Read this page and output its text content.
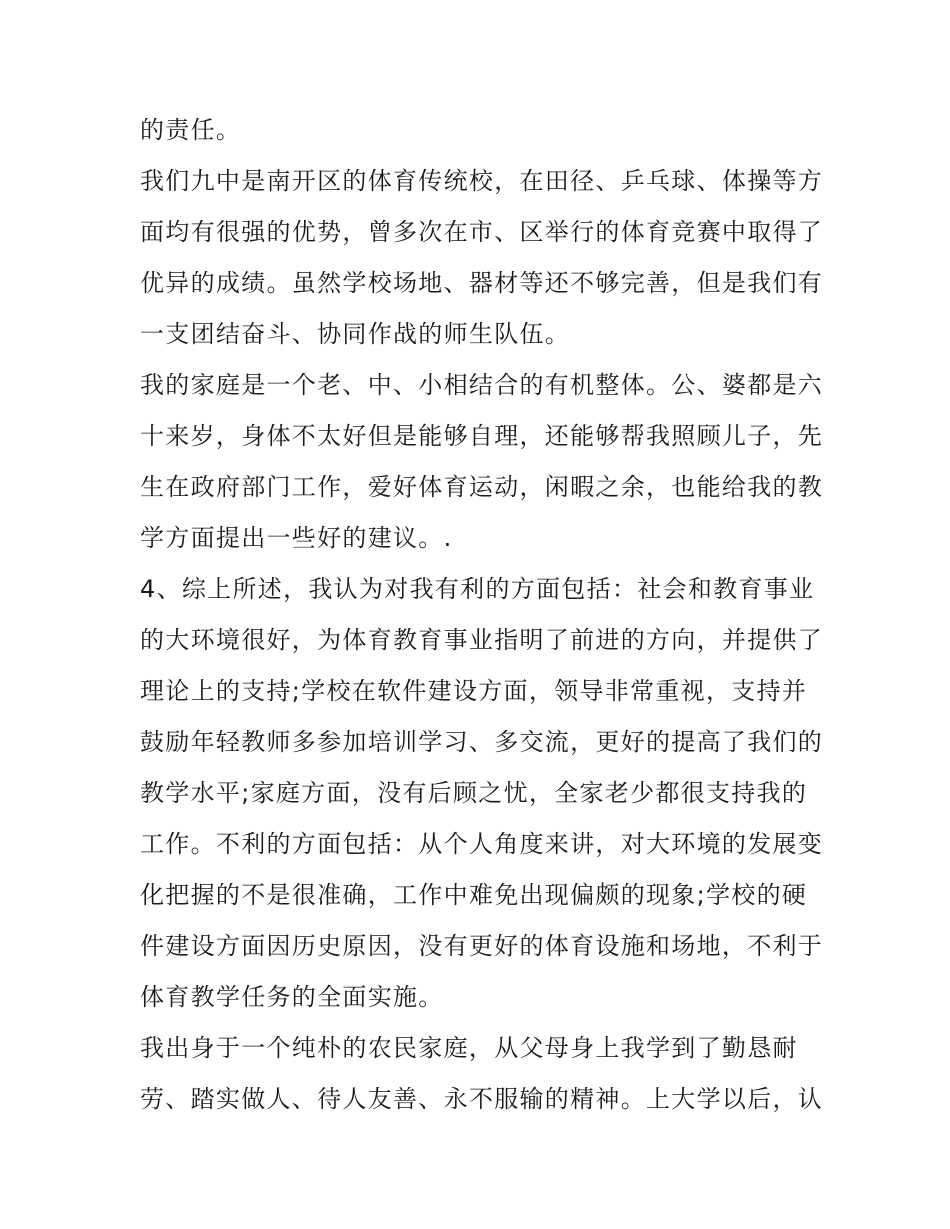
的责任。
我们九中是南开区的体育传统校，在田径、乒乓球、体操等方
面均有很强的优势，曾多次在市、区举行的体育竞赛中取得了
优异的成绩。虽然学校场地、器材等还不够完善，但是我们有
一支团结奋斗、协同作战的师生队伍。
我的家庭是一个老、中、小相结合的有机整体。公、婆都是六
十来岁，身体不太好但是能够自理，还能够帮我照顾儿子，先
生在政府部门工作，爱好体育运动，闲暇之余，也能给我的教
学方面提出一些好的建议。.
4、综上所述，我认为对我有利的方面包括：社会和教育事业
的大环境很好，为体育教育事业指明了前进的方向，并提供了
理论上的支持;学校在软件建设方面，领导非常重视，支持并
鼓励年轻教师多参加培训学习、多交流，更好的提高了我们的
教学水平;家庭方面，没有后顾之忧，全家老少都很支持我的
工作。不利的方面包括：从个人角度来讲，对大环境的发展变
化把握的不是很准确，工作中难免出现偏颇的现象;学校的硬
件建设方面因历史原因，没有更好的体育设施和场地，不利于
体育教学任务的全面实施。
我出身于一个纯朴的农民家庭，从父母身上我学到了勤恳耐
劳、踏实做人、待人友善、永不服输的精神。上大学以后，认
